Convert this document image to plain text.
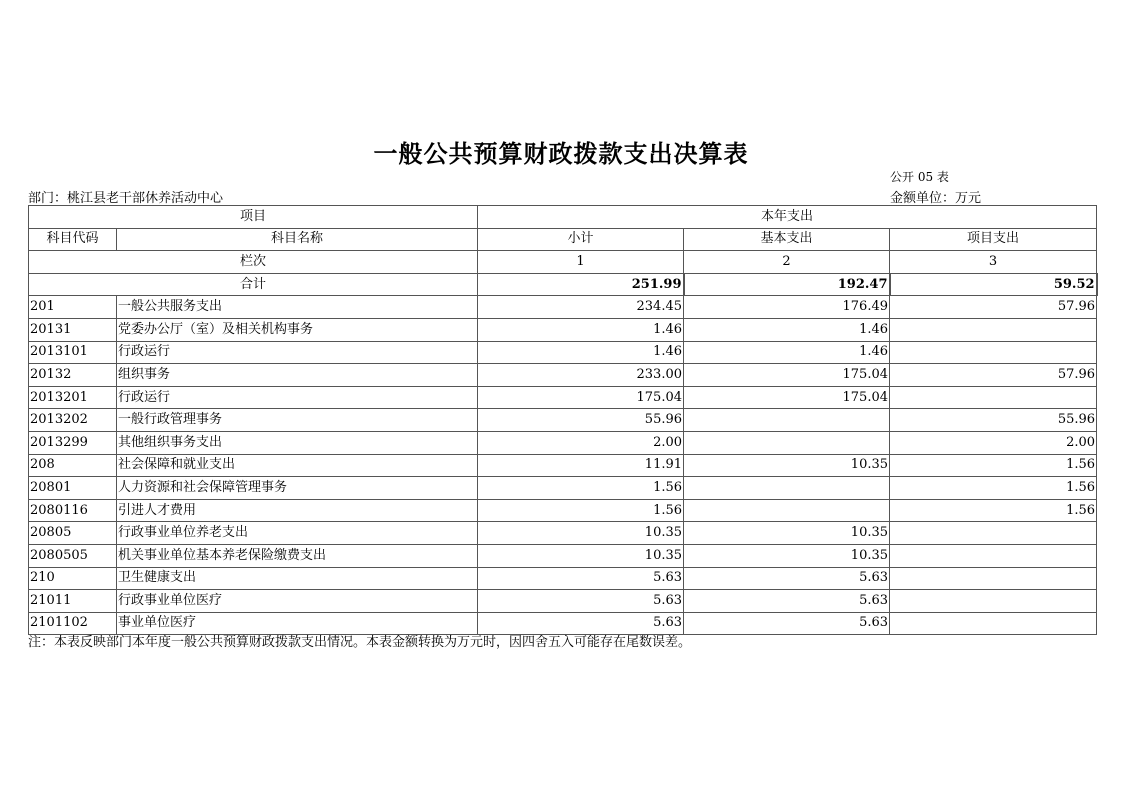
一般公共预算财政拨款支出决算表
公开 05 表
部门：桃江县老干部休养活动中心	金额单位：万元
项目		本年支出		
科目代码	科目名称	小计	基本支出	项目支出
栏次		1	2	3
合计		251.99	192.47	59.52
201	一般公共服务支出	234.45	176.49	57.96
20131	党委办公厅（室）及相关机构事务	1.46	1.46	
2013101	行政运行	1.46	1.46	
20132	组织事务	233.00	175.04	57.96
2013201	行政运行	175.04	175.04	
2013202	一般行政管理事务	55.96		55.96
2013299	其他组织事务支出	2.00		2.00
208	社会保障和就业支出	11.91	10.35	1.56
20801	人力资源和社会保障管理事务	1.56		1.56
2080116	引进人才费用	1.56		1.56
20805	行政事业单位养老支出	10.35	10.35	
2080505	机关事业单位基本养老保险缴费支出	10.35	10.35	
210	卫生健康支出	5.63	5.63	
21011	行政事业单位医疗	5.63	5.63	
2101102	事业单位医疗	5.63	5.63	
注：本表反映部门本年度一般公共预算财政拨款支出情况。本表金额转换为万元时，因四舍五入可能存在尾数误差。
